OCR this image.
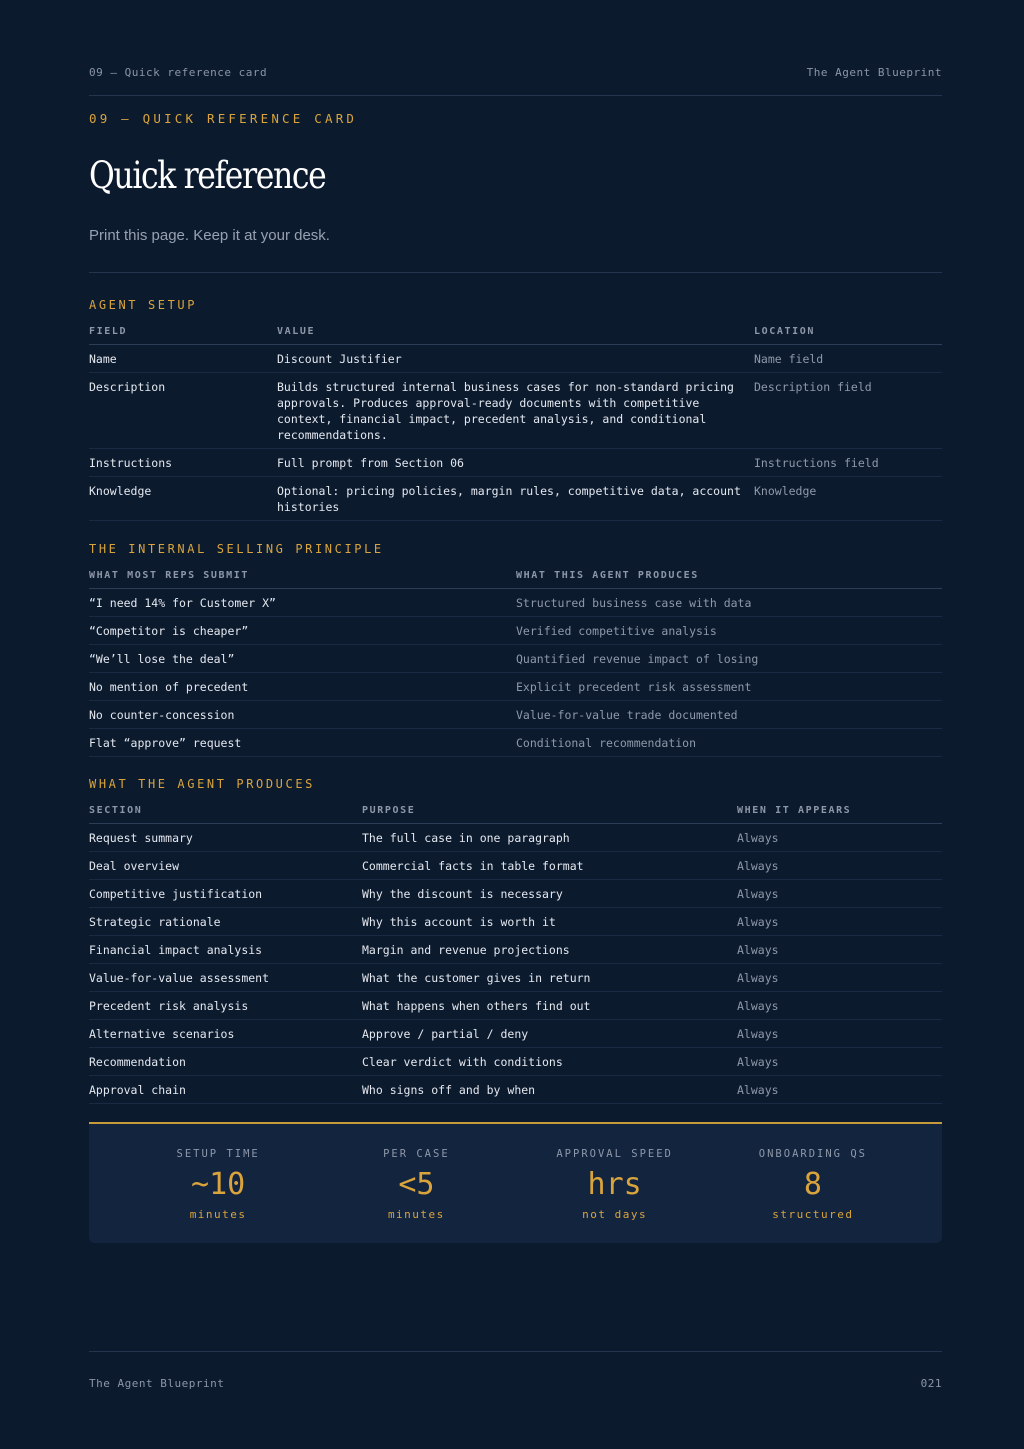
09 — Quick reference card	The Agent Blueprint
09 — QUICK REFERENCE CARD
Quick reference
Print this page. Keep it at your desk.
AGENT SETUP
FIELD	VALUE	LOCATION
Name	Discount Justifier	Name field
Description	Builds structured internal business cases for non-standard pricing approvals. Produces approval-ready documents with competitive context, financial impact, precedent analysis, and conditional recommendations.	Description field
Instructions	Full prompt from Section 06	Instructions field
Knowledge	Optional: pricing policies, margin rules, competitive data, account histories	Knowledge
THE INTERNAL SELLING PRINCIPLE
WHAT MOST REPS SUBMIT	WHAT THIS AGENT PRODUCES
“I need 14% for Customer X”	Structured business case with data
“Competitor is cheaper”	Verified competitive analysis
“We’ll lose the deal”	Quantified revenue impact of losing
No mention of precedent	Explicit precedent risk assessment
No counter-concession	Value-for-value trade documented
Flat “approve” request	Conditional recommendation
WHAT THE AGENT PRODUCES
SECTION	PURPOSE	WHEN IT APPEARS
Request summary	The full case in one paragraph	Always
Deal overview	Commercial facts in table format	Always
Competitive justification	Why the discount is necessary	Always
Strategic rationale	Why this account is worth it	Always
Financial impact analysis	Margin and revenue projections	Always
Value-for-value assessment	What the customer gives in return	Always
Precedent risk analysis	What happens when others find out	Always
Alternative scenarios	Approve / partial / deny	Always
Recommendation	Clear verdict with conditions	Always
Approval chain	Who signs off and by when	Always
SETUP TIME
~10
minutes
PER CASE
<5
minutes
APPROVAL SPEED
hrs
not days
ONBOARDING QS
8
structured
The Agent Blueprint	021
